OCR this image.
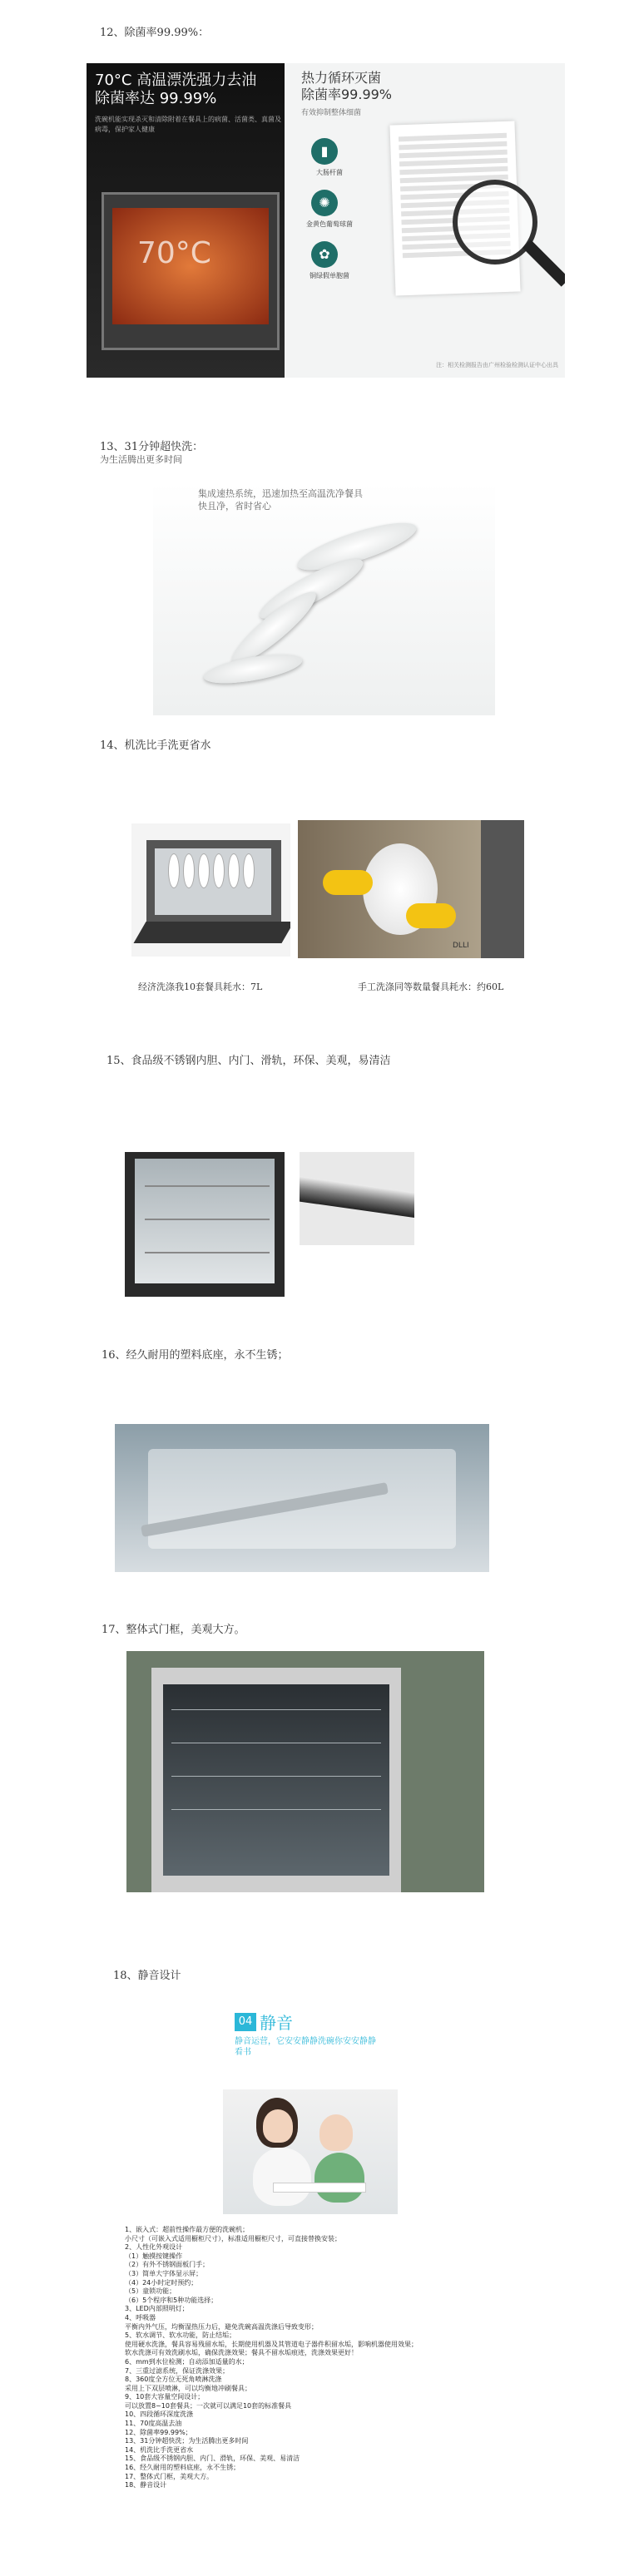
12、除菌率99.99%：
70°C 高温漂洗强力去油
除菌率达 99.99%
洗碗机能实现杀灭和清除附着在餐具上的病菌、活菌类、真菌及病毒，保护家人健康
70°C
热力循环灭菌
除菌率99.99%
有效抑制整体细菌
▮
大肠杆菌
✺
金黄色葡萄球菌
✿
铜绿假单胞菌
注：相关检测报告由广州检验检测认证中心出具
13、31分钟超快洗：
为生活腾出更多时间
集成速热系统，迅速加热至高温洗净餐具快且净，省时省心
14、机洗比手洗更省水
DLLI
经济洗涤我10套餐具耗水：7L	手工洗涤同等数量餐具耗水：约60L
15、食品级不锈钢内胆、内门、滑轨，环保、美观，易清洁
16、经久耐用的塑料底座，永不生锈；
17、整体式门框，美观大方。
18、静音设计
04 静音
静音运营，它安安静静洗碗你安安静静看书
1、嵌入式：超前性操作最方便的洗碗机；
小尺寸（可嵌入式适用橱柜尺寸），标准适用橱柜尺寸，可直接替换安装；
2、人性化外观设计
（1）触摸按键操作
（2）有外不锈钢面板门手；
（3）简单大字体显示屏；
（4）24小时定时预约；
（5）童锁功能；
（6）5个程序和5种功能选择；
3、LED内部照明灯；
4、呼吸器
平衡内外气压，均衡湿热压力后，避免洗碗高温洗涤后导致变形；
5、软水调节、软水功能，防止结垢；
使用硬水洗涤，餐具容易残留水垢，长期使用机器及其管道电子器件积留水垢，影响机器使用效果；
软水洗涤可有效洗刷水垢，确保洗涤效果；餐具不留水垢痕迹，洗涤效果更好！
6、mm到水位检测；自动添加适量的水；
7、三重过滤系统，保证洗涤效果；
8、360度全方位无死角喷淋洗涤
采用上下双层喷淋，可以均衡地冲刷餐具；
9、10套大容量空间设计；
可以放置8~10套餐具；一次就可以满足10套的标准餐具
10、四段循环深度洗涤
11、70度高温去油
12、除菌率99.99%；
13、31分钟超快洗；为生活腾出更多时间
14、机洗比手洗更省水
15、食品级不锈钢内胆、内门、滑轨，环保、美观、易清洁
16、经久耐用的塑料底座，永不生锈；
17、整体式门框，美观大方。
18、静音设计
